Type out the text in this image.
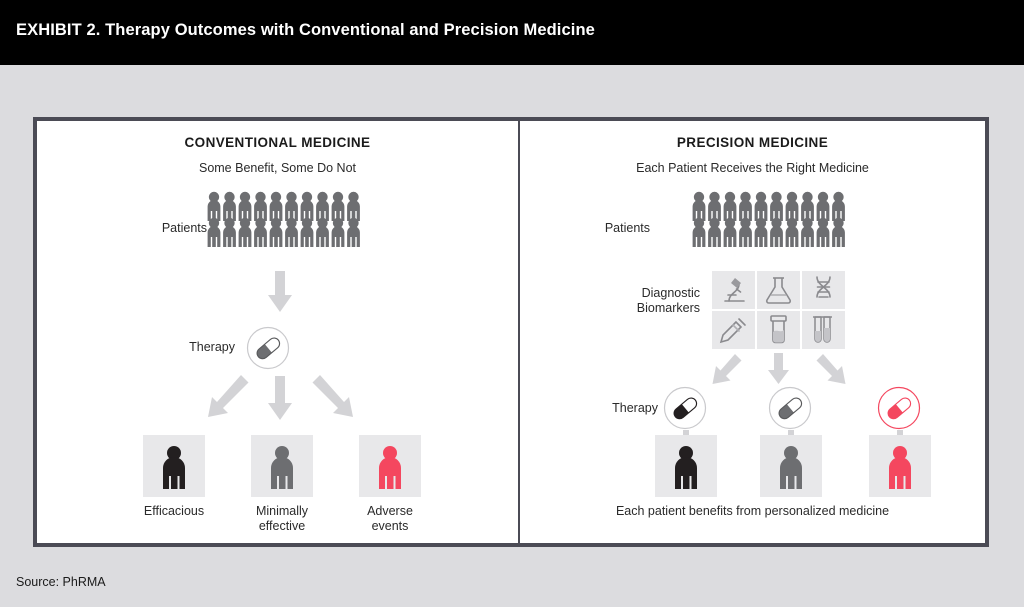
EXHIBIT 2. Therapy Outcomes with Conventional and Precision Medicine
CONVENTIONAL MEDICINE
Some Benefit, Some Do Not
Patients
Therapy
Efficacious	Minimally effective
Adverse events
PRECISION MEDICINE
Each Patient Receives the Right Medicine
Patients
Diagnostic
Biomarkers
Therapy
Each patient benefits from personalized medicine
Source: PhRMA
